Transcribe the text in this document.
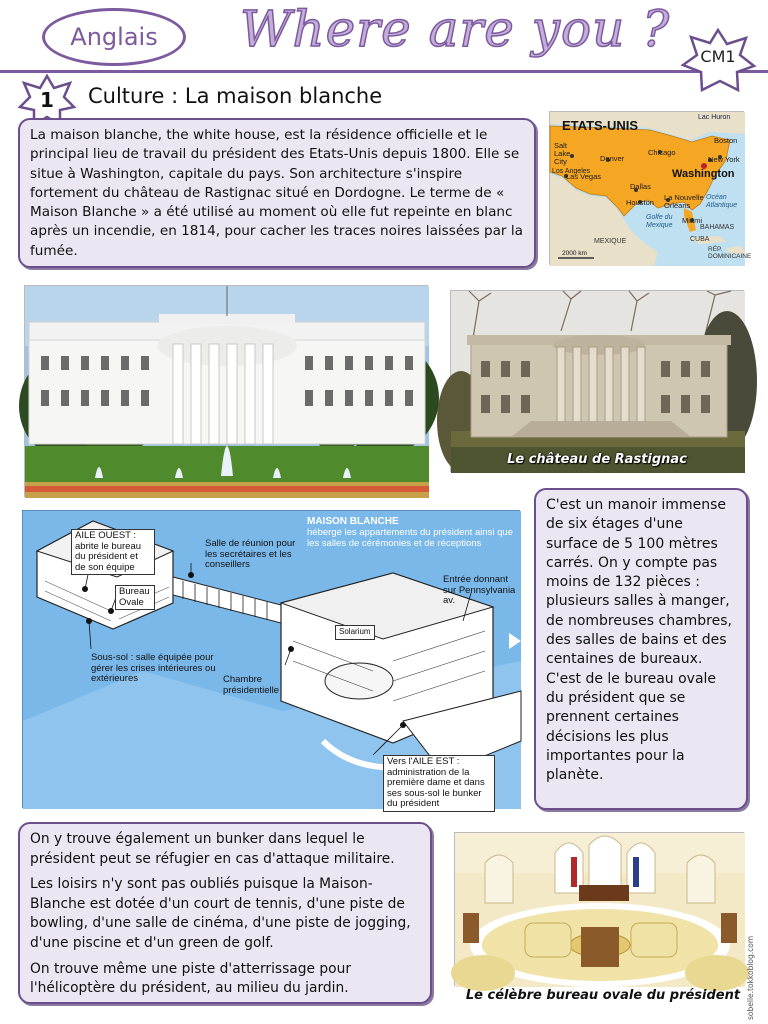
Anglais Where are you ?	CM1
1	Culture : La maison blanche

La maison blanche, the white house, est la résidence officielle et le principal lieu de travail du président des Etats-Unis depuis 1800. Elle se situe à Washington, capitale du pays. Son architecture s'inspire fortement du château de Rastignac situé en Dordogne. Le terme de « Maison Blanche » a été utilisé au moment où elle fut repeinte en blanc après un incendie, en 1814, pour cacher les traces noires laissées par la fumée.

ETATS-UNIS
Lac Huron
Salt Lake City	Denver
Chicago
Boston
New York
Washington
Los Angeles
Las Vegas
Dallas
Houston
La Nouvelle Orléans
Miami
MEXIQUE
Golfe du Mexique
Océan Atlantique
BAHAMAS
CUBA
RÉP. DOMINICAINE
2000 km
Le château de Rastignac
MAISON BLANCHE
héberge les appartements du président ainsi que les salles de cérémonies et de réceptions
AILE OUEST : abrite le bureau du président et de son équipe
Salle de réunion pour les secrétaires et les conseillers
Bureau Ovale
Entrée donnant sur Pennsylvania av.
Sous-sol : salle équipée pour gérer les crises intérieures ou extérieures
Solarium
Chambre présidentielle
Vers l'AILE EST : administration de la première dame et dans ses sous-sol le bunker du président

C'est un manoir immense de six étages d'une surface de 5 100 mètres carrés. On y compte pas moins de 132 pièces : plusieurs salles à manger, de nombreuses chambres, des salles de bains et des centaines de bureaux. C'est de le bureau ovale du président que se prennent certaines décisions les plus importantes pour la planète.

On y trouve également un bunker dans lequel le président peut se réfugier en cas d'attaque militaire.

Les loisirs n'y sont pas oubliés puisque la Maison-Blanche est dotée d'un court de tennis, d'une piste de bowling, d'une salle de cinéma, d'une piste de jogging, d'une piscine et d'un green de golf.

On trouve même une piste d'atterrissage pour l'hélicoptère du président, au milieu du jardin.	Le célèbre bureau ovale du président sobelle.tokkoblog.com
